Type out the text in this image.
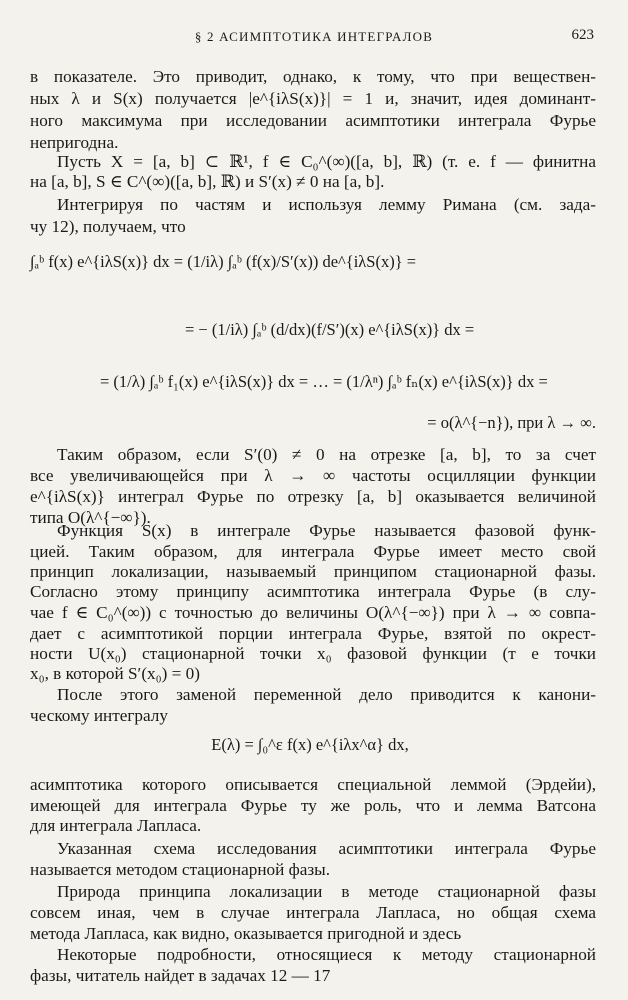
§ 2 АСИМПТОТИКА ИНТЕГРАЛОВ	623
в показателе. Это приводит, однако, к тому, что при веществен-
ных λ и S(x) получается |e^{iλS(x)}| = 1 и, значит, идея доминант-
ного максимума при исследовании асимптотики интеграла Фурье
непригодна.
Пусть X = [a, b] ⊂ ℝ¹, f ∈ C₀^(∞)([a, b], ℝ) (т. е. f — финитна
на [a, b], S ∈ C^(∞)([a, b], ℝ) и S′(x) ≠ 0 на [a, b].
Интегрируя по частям и используя лемму Римана (см. зада-
чу 12), получаем, что
∫ₐᵇ f(x) e^{iλS(x)} dx = (1/iλ) ∫ₐᵇ (f(x)/S′(x)) de^{iλS(x)} =
= − (1/iλ) ∫ₐᵇ (d/dx)(f/S′)(x) e^{iλS(x)} dx =
= (1/λ) ∫ₐᵇ f₁(x) e^{iλS(x)} dx = … = (1/λⁿ) ∫ₐᵇ fₙ(x) e^{iλS(x)} dx =
= o(λ^{−n}), при λ → ∞.
Таким образом, если S′(0) ≠ 0 на отрезке [a, b], то за счет
все увеличивающейся при λ → ∞ частоты осцилляции функции
e^{iλS(x)} интеграл Фурье по отрезку [a, b] оказывается величиной
типа O(λ^{−∞}).
Функция S(x) в интеграле Фурье называется фазовой функ-
цией. Таким образом, для интеграла Фурье имеет место свой
принцип локализации, называемый принципом стационарной фазы.
Согласно этому принципу асимптотика интеграла Фурье (в слу-
чае f ∈ C₀^(∞)) с точностью до величины O(λ^{−∞}) при λ → ∞ совпа-
дает с асимптотикой порции интеграла Фурье, взятой по окрест-
ности U(x₀) стационарной точки x₀ фазовой функции (т е точки
x₀, в которой S′(x₀) = 0)
После этого заменой переменной дело приводится к канони-
ческому интегралу
E(λ) = ∫₀^ε f(x) e^{iλx^α} dx,
асимптотика которого описывается специальной леммой (Эрдейи),
имеющей для интеграла Фурье ту же роль, что и лемма Ватсона
для интеграла Лапласа.
Указанная схема исследования асимптотики интеграла Фурье
называется методом стационарной фазы.
Природа принципа локализации в методе стационарной фазы
совсем иная, чем в случае интеграла Лапласа, но общая схема
метода Лапласа, как видно, оказывается пригодной и здесь
Некоторые подробности, относящиеся к методу стационарной
фазы, читатель найдет в задачах 12 — 17
